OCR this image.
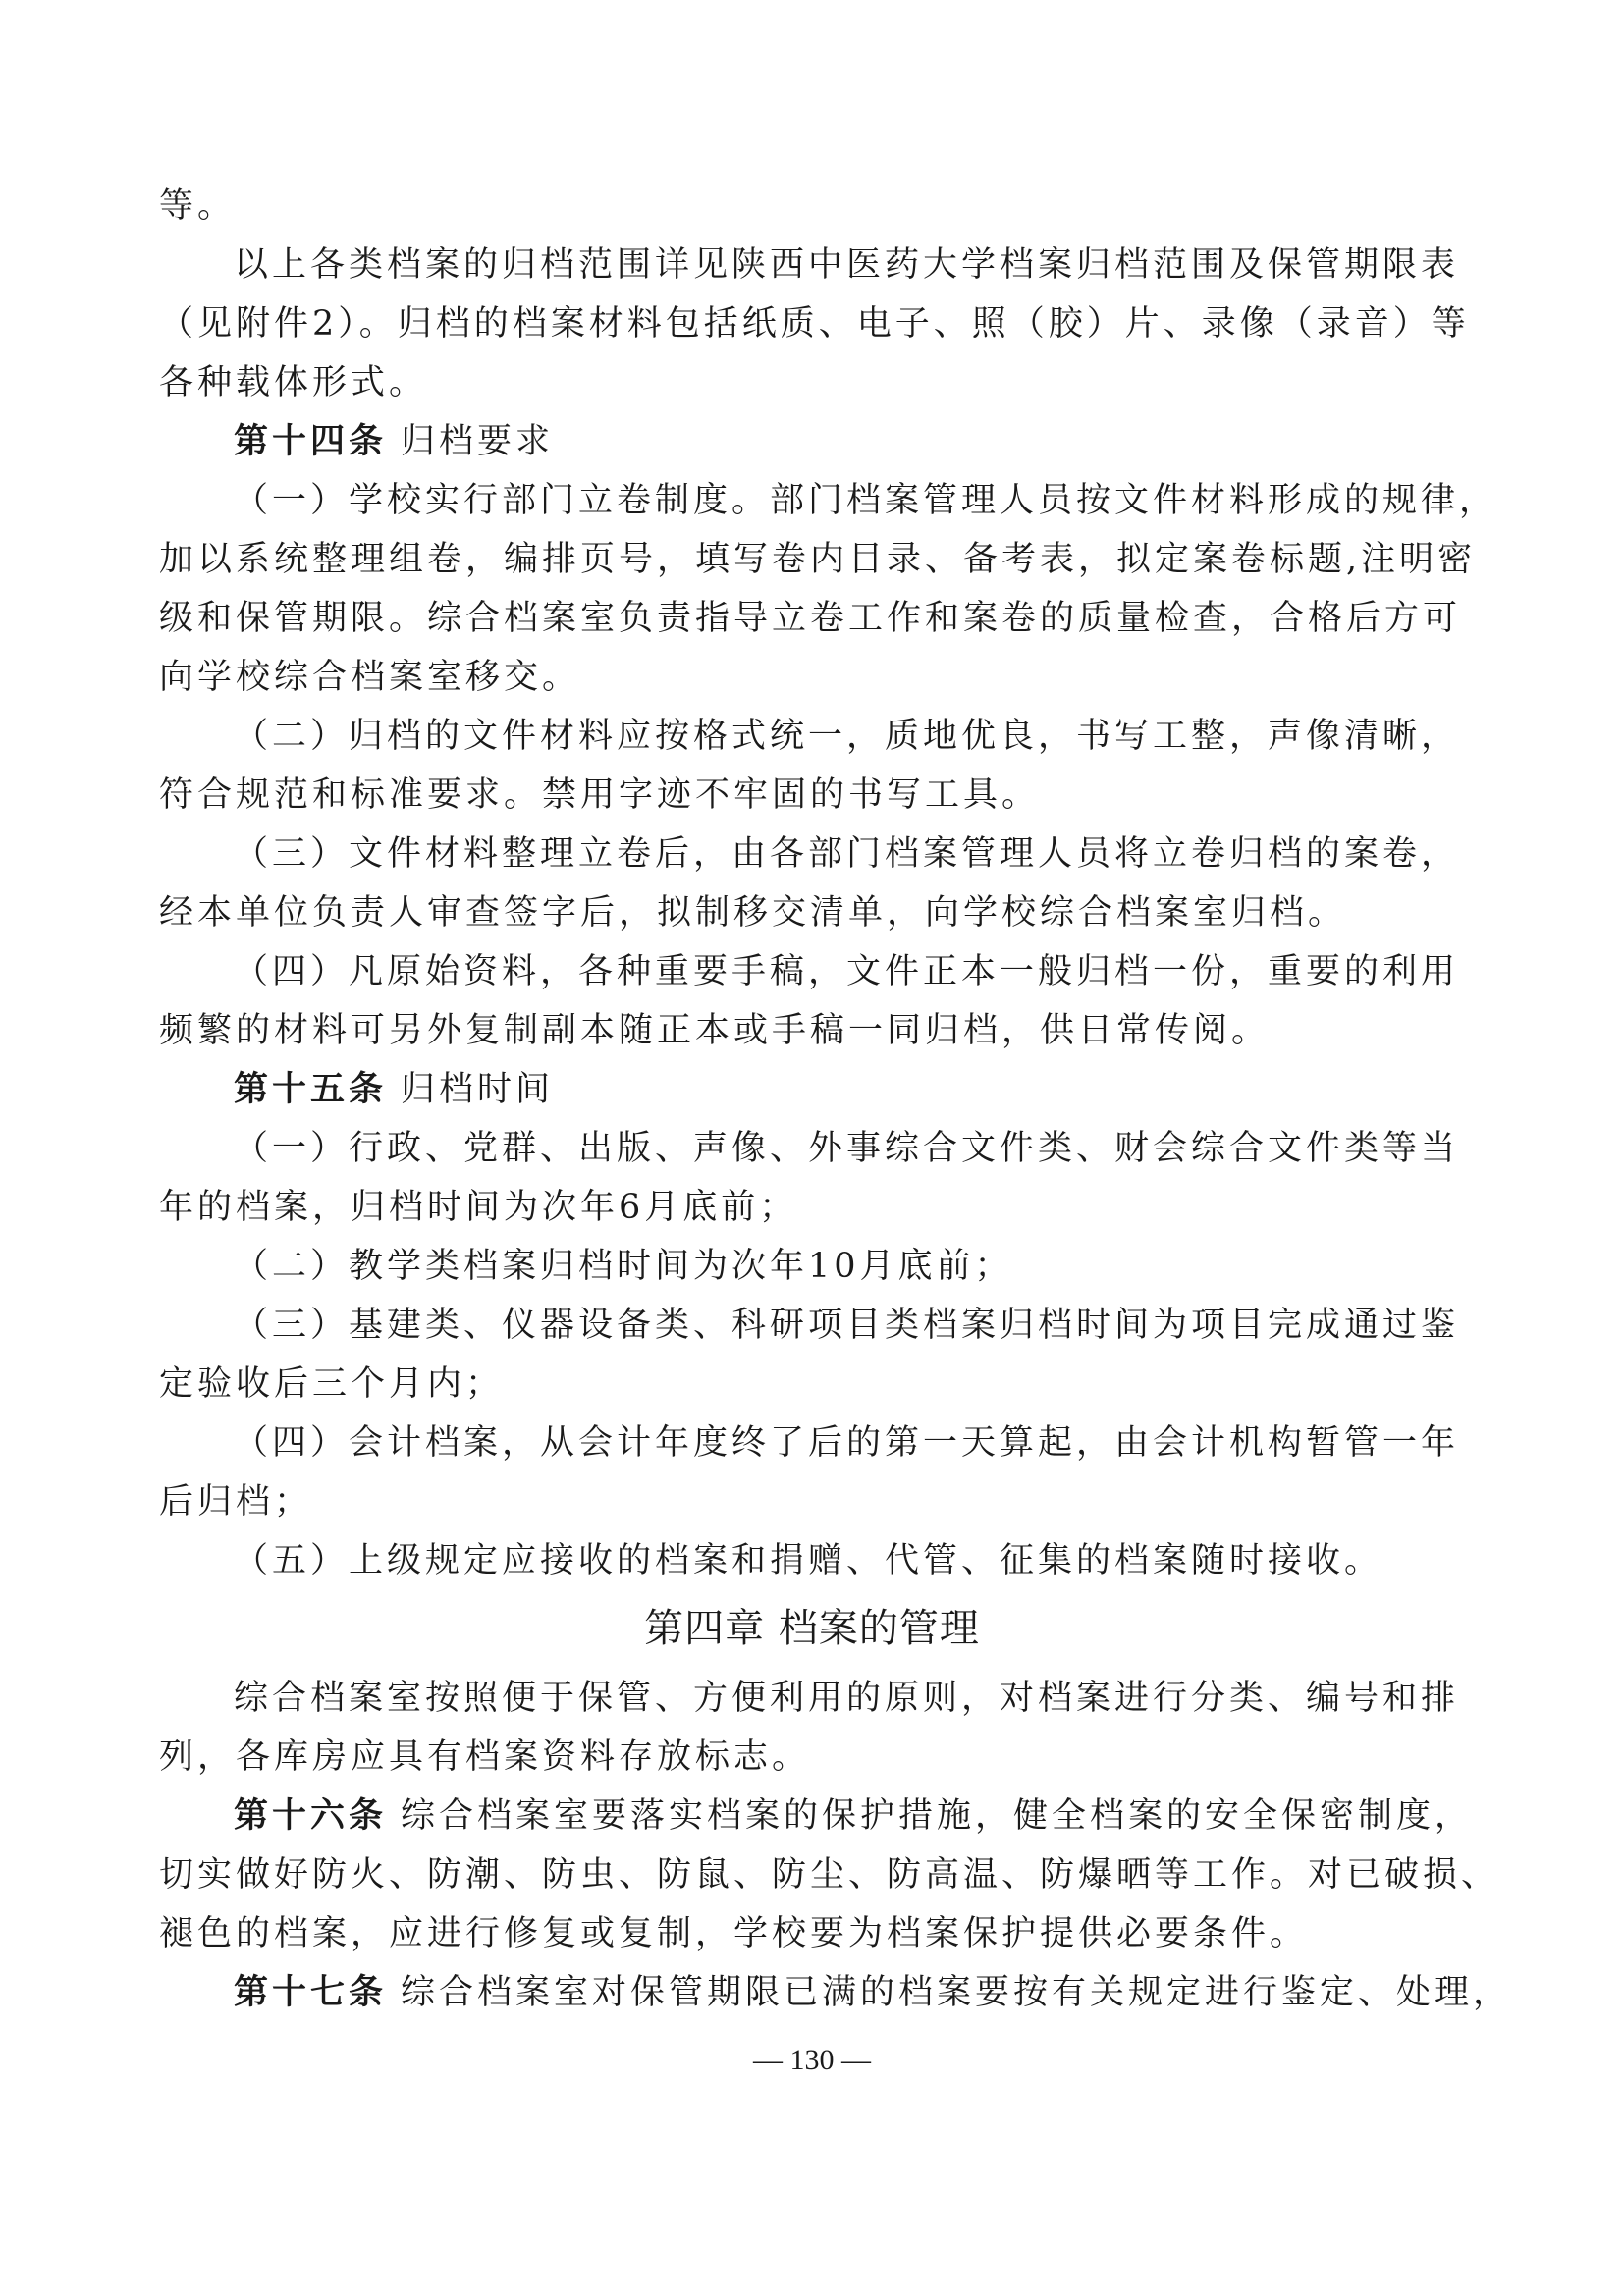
等。
以上各类档案的归档范围详见陕西中医药大学档案归档范围及保管期限表
（见附件2）。归档的档案材料包括纸质、电子、照（胶）片、录像（录音）等
各种载体形式。
第十四条 归档要求
（一）学校实行部门立卷制度。部门档案管理人员按文件材料形成的规律，
加以系统整理组卷，编排页号，填写卷内目录、备考表，拟定案卷标题,注明密
级和保管期限。综合档案室负责指导立卷工作和案卷的质量检查，合格后方可
向学校综合档案室移交。
（二）归档的文件材料应按格式统一，质地优良，书写工整，声像清晰，
符合规范和标准要求。禁用字迹不牢固的书写工具。
（三）文件材料整理立卷后，由各部门档案管理人员将立卷归档的案卷，
经本单位负责人审查签字后，拟制移交清单，向学校综合档案室归档。
（四）凡原始资料，各种重要手稿，文件正本一般归档一份，重要的利用
频繁的材料可另外复制副本随正本或手稿一同归档，供日常传阅。
第十五条 归档时间
（一）行政、党群、出版、声像、外事综合文件类、财会综合文件类等当
年的档案，归档时间为次年6月底前；
（二）教学类档案归档时间为次年10月底前；
（三）基建类、仪器设备类、科研项目类档案归档时间为项目完成通过鉴
定验收后三个月内；
（四）会计档案，从会计年度终了后的第一天算起，由会计机构暂管一年
后归档；
（五）上级规定应接收的档案和捐赠、代管、征集的档案随时接收。
第四章 档案的管理
综合档案室按照便于保管、方便利用的原则，对档案进行分类、编号和排
列，各库房应具有档案资料存放标志。
第十六条 综合档案室要落实档案的保护措施，健全档案的安全保密制度，
切实做好防火、防潮、防虫、防鼠、防尘、防高温、防爆晒等工作。对已破损、
褪色的档案，应进行修复或复制，学校要为档案保护提供必要条件。
第十七条 综合档案室对保管期限已满的档案要按有关规定进行鉴定、处理，
— 130 —
